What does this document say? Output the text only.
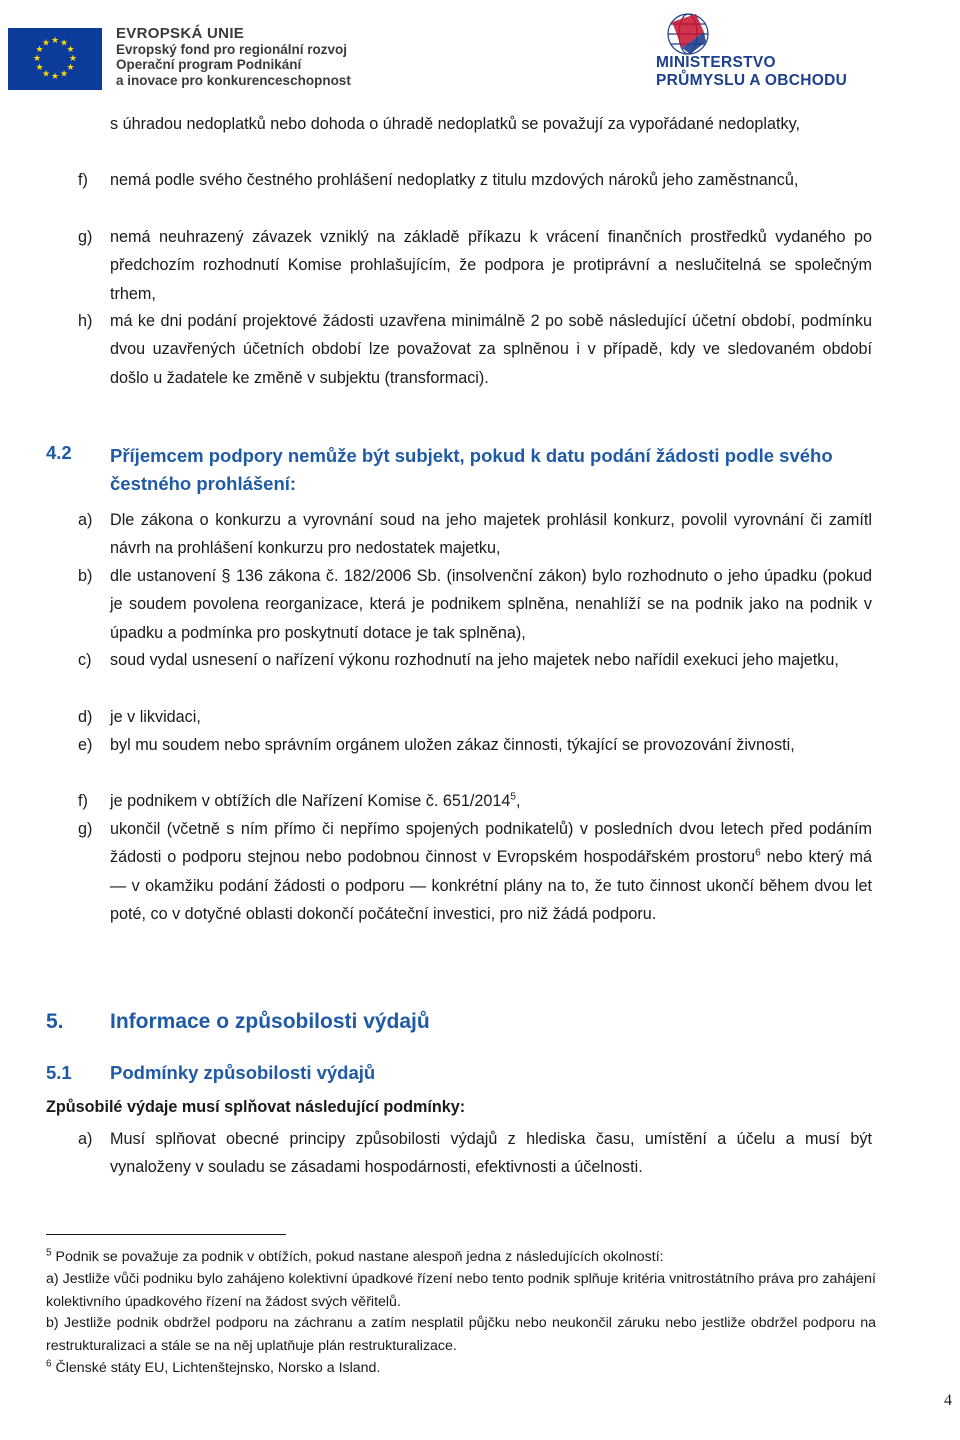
★ ★
★
★
★
★
★
★
★
★
★
★
EVROPSKÁ UNIE
Evropský fond pro regionální rozvoj
Operační program Podnikání
a inovace pro konkurenceschopnost
MINISTERSTVO
PRŮMYSLU A OBCHODU
s úhradou nedoplatků nebo dohoda o úhradě nedoplatků se považují za vypořádané nedoplatky,
f) nemá podle svého čestného prohlášení nedoplatky z titulu mzdových nároků jeho zaměstnanců,
g) nemá neuhrazený závazek vzniklý na základě příkazu k vrácení finančních prostředků vydaného po předchozím rozhodnutí Komise prohlašujícím, že podpora je protiprávní a neslučitelná se společným trhem,
h) má ke dni podání projektové žádosti uzavřena minimálně 2 po sobě následující účetní období, podmínku dvou uzavřených účetních období lze považovat za splněnou i v případě, kdy ve sledovaném období došlo u žadatele ke změně v subjektu (transformaci).
4.2 Příjemcem podpory nemůže být subjekt, pokud k datu podání žádosti podle svého čestného prohlášení:
a) Dle zákona o konkurzu a vyrovnání soud na jeho majetek prohlásil konkurz, povolil vyrovnání či zamítl návrh na prohlášení konkurzu pro nedostatek majetku,
b) dle ustanovení § 136 zákona č. 182/2006 Sb. (insolvenční zákon) bylo rozhodnuto o jeho úpadku (pokud je soudem povolena reorganizace, která je podnikem splněna, nenahlíží se na podnik jako na podnik v úpadku a podmínka pro poskytnutí dotace je tak splněna),
c) soud vydal usnesení o nařízení výkonu rozhodnutí na jeho majetek nebo nařídil exekuci jeho majetku,
d) je v likvidaci,
e) byl mu soudem nebo správním orgánem uložen zákaz činnosti, týkající se provozování živnosti,
f) je podnikem v obtížích dle Nařízení Komise č. 651/2014$^5$,
g) ukončil (včetně s ním přímo či nepřímo spojených podnikatelů) v posledních dvou letech před podáním žádosti o podporu stejnou nebo podobnou činnost v Evropském hospodářském prostoru$^6$ nebo který má — v okamžiku podání žádosti o podporu — konkrétní plány na to, že tuto činnost ukončí během dvou let poté, co v dotyčné oblasti dokončí počáteční investici, pro niž žádá podporu.
5. Informace o způsobilosti výdajů
5.1 Podmínky způsobilosti výdajů
Způsobilé výdaje musí splňovat následující podmínky:
a) Musí splňovat obecné principy způsobilosti výdajů z hlediska času, umístění a účelu a musí být vynaloženy v souladu se zásadami hospodárnosti, efektivnosti a účelnosti.
$^5$ Podnik se považuje za podnik v obtížích, pokud nastane alespoň jedna z následujících okolností:
a) Jestliže vůči podniku bylo zahájeno kolektivní úpadkové řízení nebo tento podnik splňuje kritéria vnitrostátního práva pro zahájení kolektivního úpadkového řízení na žádost svých věřitelů.
b) Jestliže podnik obdržel podporu na záchranu a zatím nesplatil půjčku nebo neukončil záruku nebo jestliže obdržel podporu na restrukturalizaci a stále se na něj uplatňuje plán restrukturalizace.
$^6$ Členské státy EU, Lichtenštejnsko, Norsko a Island.
4
